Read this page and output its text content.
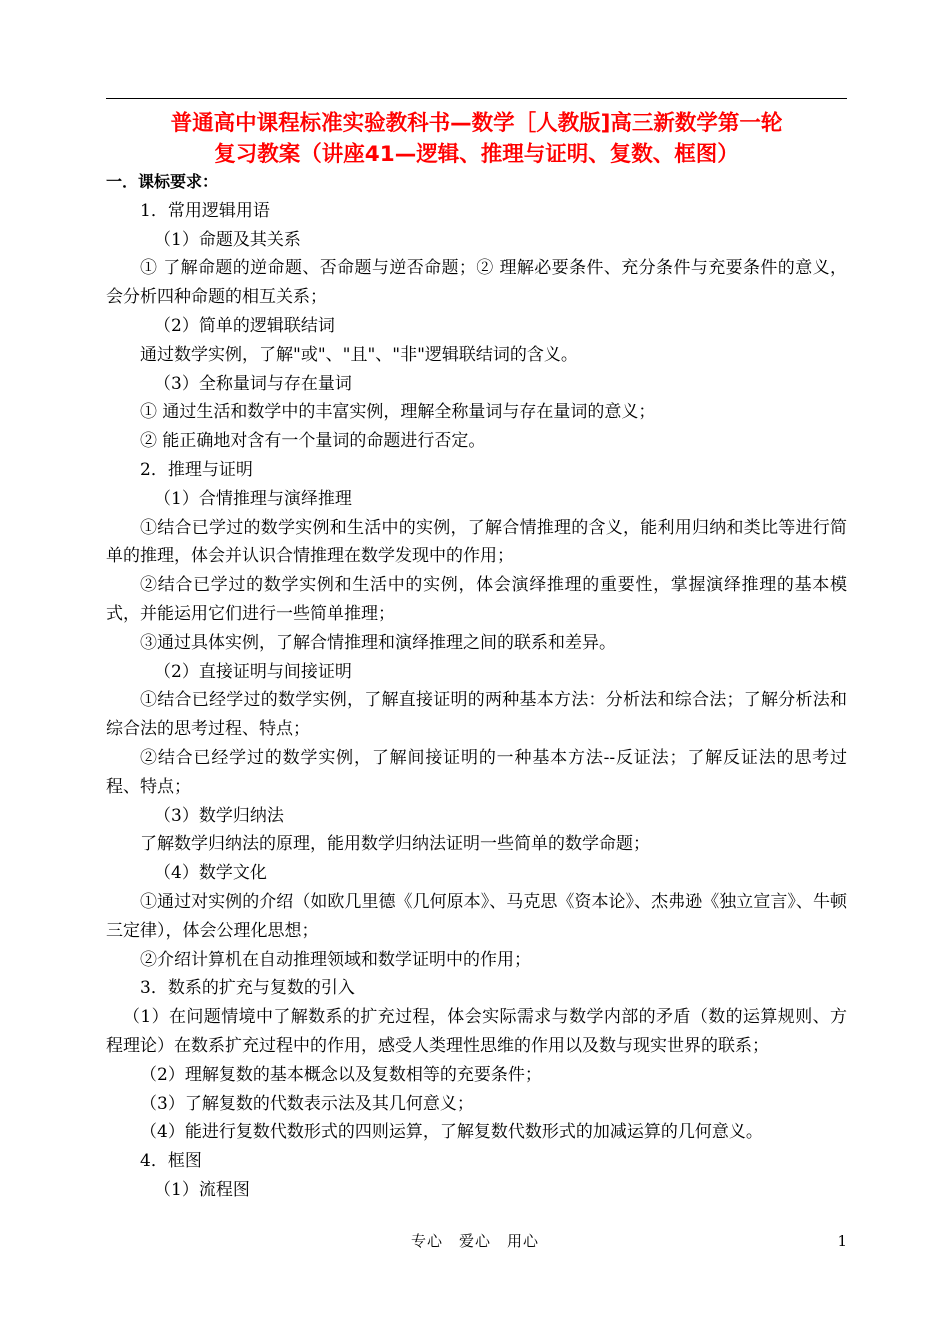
普通高中课程标准实验教科书—数学［人教版]高三新数学第一轮
复习教案（讲座41—逻辑、推理与证明、复数、框图）

一．课标要求：

1．常用逻辑用语

（1）命题及其关系

① 了解命题的逆命题、否命题与逆否命题；② 理解必要条件、充分条件与充要条件的意义，会分析四种命题的相互关系；

（2）简单的逻辑联结词

通过数学实例，了解"或"、"且"、"非"逻辑联结词的含义。

（3）全称量词与存在量词

① 通过生活和数学中的丰富实例，理解全称量词与存在量词的意义；

② 能正确地对含有一个量词的命题进行否定。

2．推理与证明

（1）合情推理与演绎推理

①结合已学过的数学实例和生活中的实例，了解合情推理的含义，能利用归纳和类比等进行简单的推理，体会并认识合情推理在数学发现中的作用；

②结合已学过的数学实例和生活中的实例，体会演绎推理的重要性，掌握演绎推理的基本模式，并能运用它们进行一些简单推理；

③通过具体实例，了解合情推理和演绎推理之间的联系和差异。

（2）直接证明与间接证明

①结合已经学过的数学实例，了解直接证明的两种基本方法：分析法和综合法；了解分析法和综合法的思考过程、特点；

②结合已经学过的数学实例，了解间接证明的一种基本方法--反证法；了解反证法的思考过程、特点；

（3）数学归纳法

了解数学归纳法的原理，能用数学归纳法证明一些简单的数学命题；

（4）数学文化

①通过对实例的介绍（如欧几里德《几何原本》、马克思《资本论》、杰弗逊《独立宣言》、牛顿三定律），体会公理化思想；

②介绍计算机在自动推理领域和数学证明中的作用；

3．数系的扩充与复数的引入

（1）在问题情境中了解数系的扩充过程，体会实际需求与数学内部的矛盾（数的运算规则、方程理论）在数系扩充过程中的作用，感受人类理性思维的作用以及数与现实世界的联系；

（2）理解复数的基本概念以及复数相等的充要条件；

（3）了解复数的代数表示法及其几何意义；

（4）能进行复数代数形式的四则运算，了解复数代数形式的加减运算的几何意义。

4．框图

（1）流程图

专心　爱心　用心	1
